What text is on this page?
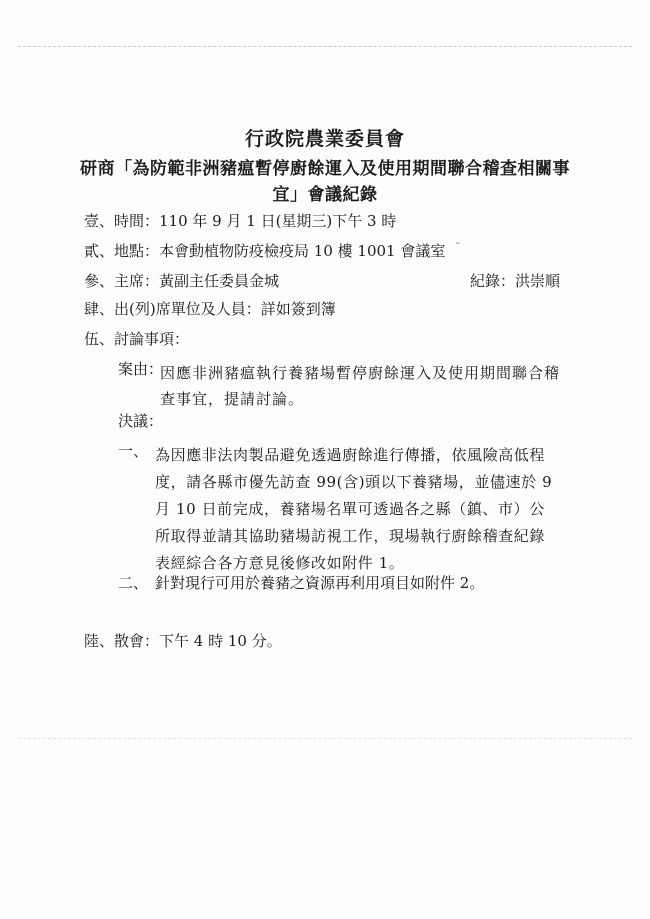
行政院農業委員會
研商「為防範非洲豬瘟暫停廚餘運入及使用期間聯合稽查相關事
宜」會議紀錄
壹、時間：110 年 9 月 1 日(星期三)下午 3 時
貳、地點：本會動植物防疫檢疫局 10 樓 1001 會議室 ˉ
參、主席：黃副主任委員金城	紀錄：洪崇順
肆、出(列)席單位及人員：詳如簽到簿
伍、討論事項：
案由：
因應非洲豬瘟執行養豬場暫停廚餘運入及使用期間聯合稽查事宜，提請討論。
決議：
一、 為因應非法肉製品避免透過廚餘進行傳播，依風險高低程度，請各縣市優先訪查 99(含)頭以下養豬場，並儘速於 9 月 10 日前完成，養豬場名單可透過各之縣（鎮、市）公所取得並請其協助豬場訪視工作，現場執行廚餘稽查紀錄表經綜合各方意見後修改如附件 1。
二、 針對現行可用於養豬之資源再利用項目如附件 2。
陸、散會：下午 4 時 10 分。
